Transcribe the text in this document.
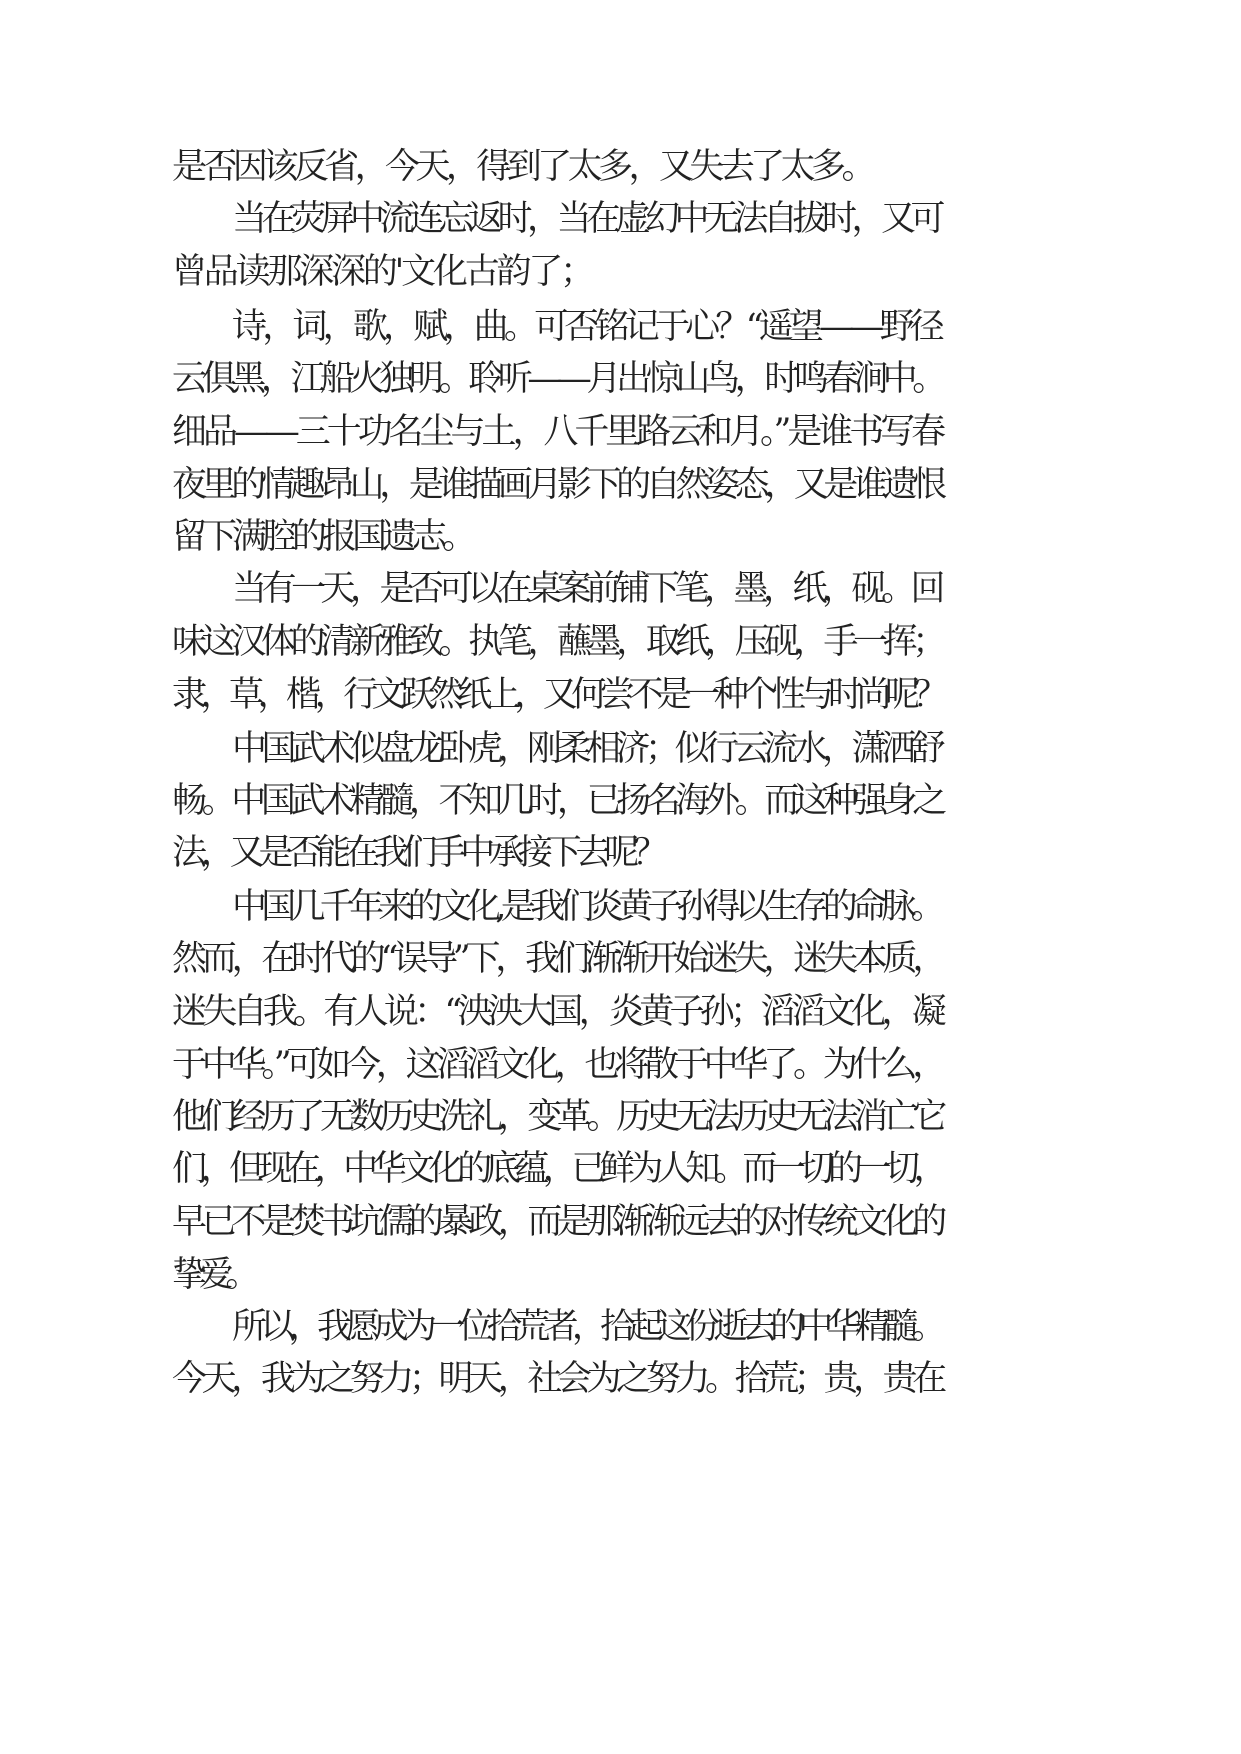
是否因该反省，今天，得到了太多，又失去了太多。
当在荧屏中流连忘返时，当在虚幻中无法自拔时，又可
曾品读那深深的'文化古韵了；
诗，词，歌，赋，曲。可否铭记于心？“遥望——野径
云俱黑，江船火独明。聆听——月出惊山鸟，时鸣春涧中。
细品——三十功名尘与土，八千里路云和月。”是谁书写春
夜里的情趣昂山，是谁描画月影下的自然姿态，又是谁遗恨
留下满腔的报国遗志。
当有一天，是否可以在桌案前铺下笔，墨，纸，砚。回
味这汉体的清新雅致。执笔，蘸墨，取纸，压砚，手一挥；
隶，草，楷，行文跃然纸上，又何尝不是一种个性与时尚呢？
中国武术似盘龙卧虎，刚柔相济；似行云流水，潇洒舒
畅。中国武术精髓，不知几时，已扬名海外。而这种强身之
法，又是否能在我们手中承接下去呢？
中国几千年来的文化,是我们炎黄子孙得以生存的命脉。
然而，在时代的“误导”下，我们渐渐开始迷失，迷失本质，
迷失自我。有人说：“泱泱大国，炎黄子孙；滔滔文化，凝
于中华。”可如今，这滔滔文化，也将散于中华了。为什么，
他们经历了无数历史洗礼，变革。历史无法历史无法消亡它
们，但现在，中华文化的底蕴，已鲜为人知。而一切的一切，
早已不是焚书坑儒的暴政，而是那渐渐远去的对传统文化的
挚爱。
所以，我愿成为一位拾荒者，拾起这份逝去的中华精髓。
今天，我为之努力；明天，社会为之努力。拾荒；贵，贵在
